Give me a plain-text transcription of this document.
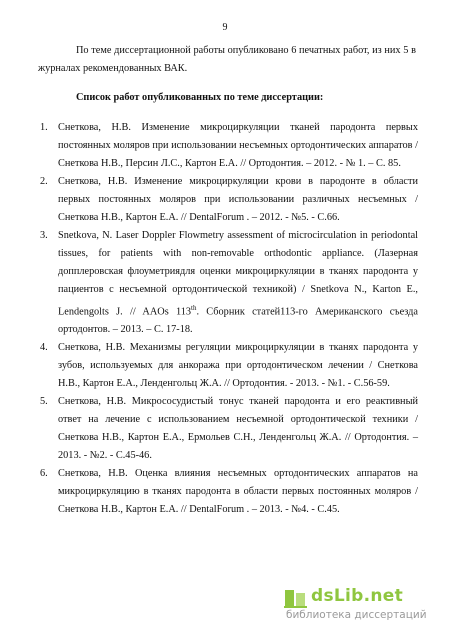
9

По теме диссертационной работы опубликовано 6 печатных работ, из них 5 в журналах рекомендованных ВАК.

Список работ опубликованных по теме диссертации:
1. Снеткова, Н.В. Изменение микроциркуляции тканей пародонта первых постоянных моляров при использовании несъемных ортодонтических аппаратов / Снеткова Н.В., Персин Л.С., Картон Е.А. // Ортодонтия. – 2012. - № 1. – С. 85.
2. Снеткова, Н.В. Изменение микроциркуляции крови в пародонте в области первых постоянных моляров при использовании различных несъемных / Снеткова Н.В., Картон Е.А. // DentalForum . – 2012. - №5. - С.66.
3. Snetkova, N. Laser Doppler Flowmetry assessment of microcirculation in periodontal tissues, for patients with non-removable orthodontic appliance. (Лазерная допплеровская флоуметриядля оценки микроциркуляции в тканях пародонта у пациентов с несъемной ортодонтической техникой) / Snetkova N., Karton E., Lendengolts J. // AAOs 113th. Сборник статей113-го Американского съезда ортодонтов. – 2013. – С. 17-18.
4. Снеткова, Н.В. Механизмы регуляции микроциркуляции в тканях пародонта у зубов, используемых для анкоража при ортодонтическом лечении / Снеткова Н.В., Картон Е.А., Ленденгольц Ж.А. // Ортодонтия. - 2013. - №1. - С.56-59.
5. Снеткова, Н.В. Микрососудистый тонус тканей пародонта и его реактивный ответ на лечение с использованием несъемной ортодонтической техники / Снеткова Н.В., Картон Е.А., Ермольев С.Н., Ленденгольц Ж.А. // Ортодонтия. – 2013. - №2. - С.45-46.
6. Снеткова, Н.В. Оценка влияния несъемных ортодонтических аппаратов на микроциркуляцию в тканях пародонта в области первых постоянных моляров / Снеткова Н.В., Картон Е.А. // DentalForum . – 2013. - №4. - С.45.
dsLib.net
библиотека диссертаций
